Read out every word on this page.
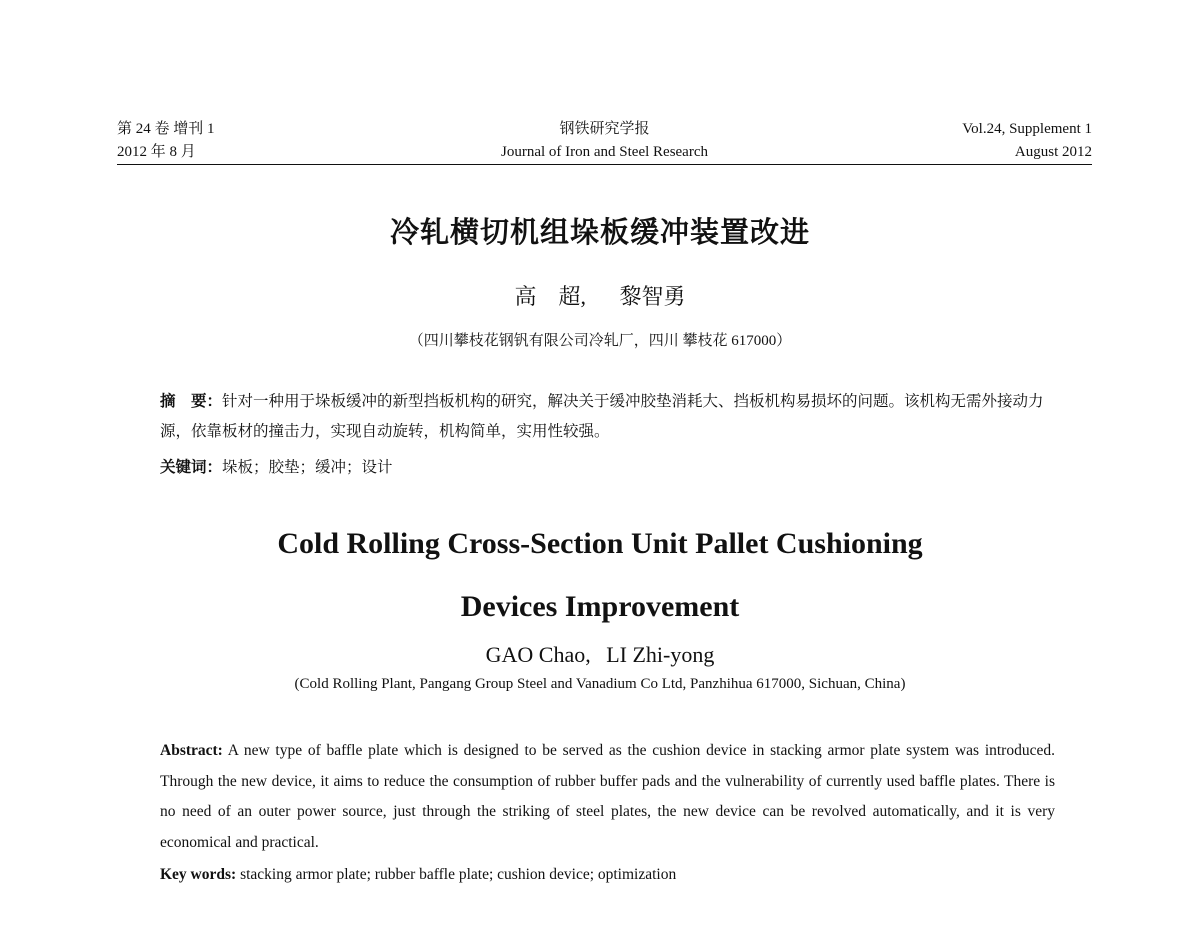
第 24 卷 增刊 1	钢铁研究学报	Vol.24, Supplement 1
2012 年 8 月	Journal of Iron and Steel Research	August 2012
冷轧横切机组垛板缓冲装置改进
高　超, 黎智勇
（四川攀枝花钢钒有限公司冷轧厂，四川 攀枝花 617000）
摘　要：针对一种用于垛板缓冲的新型挡板机构的研究，解决关于缓冲胶垫消耗大、挡板机构易损坏的问题。该机构无需外接动力源，依靠板材的撞击力，实现自动旋转，机构简单，实用性较强。
关键词：垛板；胶垫；缓冲；设计
Cold Rolling Cross-Section Unit Pallet Cushioning
Devices Improvement
GAO Chao, LI Zhi-yong
(Cold Rolling Plant, Pangang Group Steel and Vanadium Co Ltd, Panzhihua 617000, Sichuan, China)
Abstract: A new type of baffle plate which is designed to be served as the cushion device in stacking armor plate system was introduced. Through the new device, it aims to reduce the consumption of rubber buffer pads and the vulnerability of currently used baffle plates. There is no need of an outer power source, just through the striking of steel plates, the new device can be revolved automatically, and it is very economical and practical.
Key words: stacking armor plate; rubber baffle plate; cushion device; optimization
